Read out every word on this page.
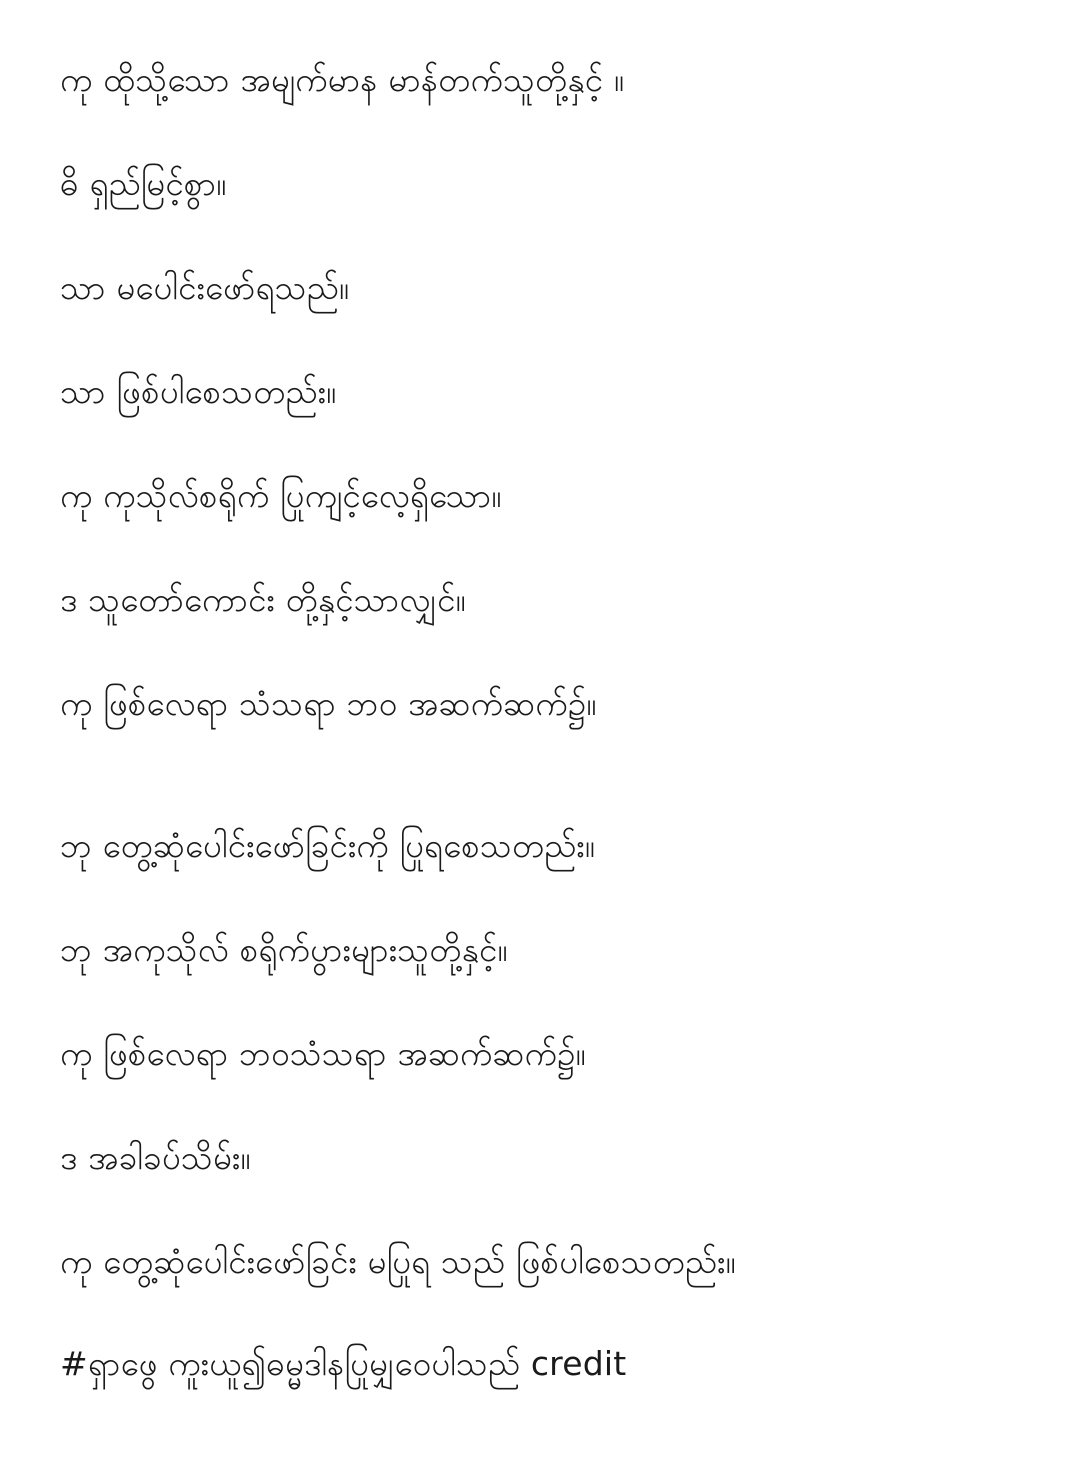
ကု ထိုသို့သော အမျက်မာန မာန်တက်သူတို့နှင့် ။
ဓိ ရှည်မြင့်စွာ။
သာ မပေါင်းဖော်ရသည်။
သာ ဖြစ်ပါစေသတည်း။
ကု ကုသိုလ်စရိုက် ပြုကျင့်လေ့ရှိသော။
ဒ သူတော်ကောင်း တို့နှင့်သာလျှင်။
ကု ဖြစ်လေရာ သံသရာ ဘဝ အဆက်ဆက်၌။
ဘု တွေ့ဆုံပေါင်းဖော်ခြင်းကို ပြုရစေသတည်း။
ဘု အကုသိုလ် စရိုက်ပွားများသူတို့နှင့်။
ကု ဖြစ်လေရာ ဘဝသံသရာ အဆက်ဆက်၌။
ဒ အခါခပ်သိမ်း။
ကု တွေ့ဆုံပေါင်းဖော်ခြင်း မပြုရ သည် ဖြစ်ပါစေသတည်း။
#ရှာဖွေ ကူးယူ၍ဓမ္မဒါနပြုမျှဝေပါသည် credit
